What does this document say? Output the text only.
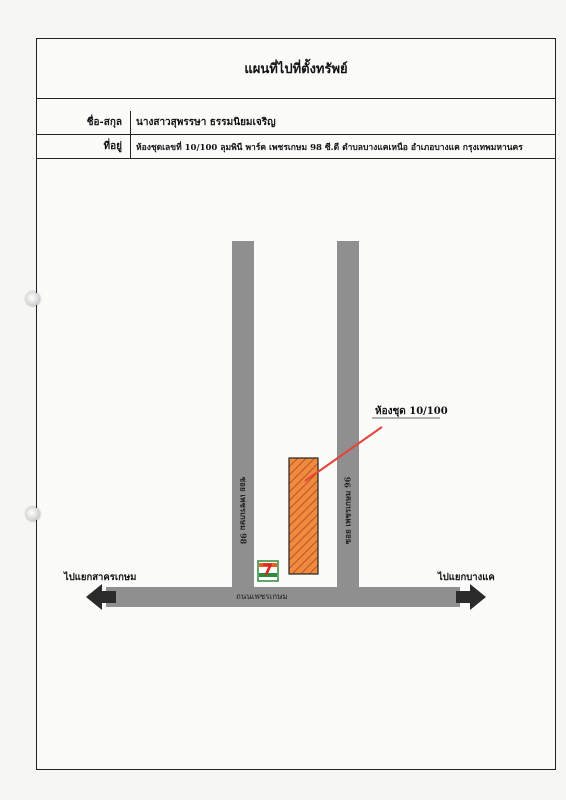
แผนที่ไปที่ตั้งทรัพย์
ชื่อ-สกุล	นางสาวสุพรรษา ธรรมนิยมเจริญ
ที่อยู่	ห้องชุดเลขที่ 10/100 ลุมพินี พาร์ค เพชรเกษม 98 ซี.ดี ตำบลบางแคเหนือ อำเภอบางแค กรุงเทพมหานคร
7
ห้องชุด 10/100
ซอย เพชรเกษม 98	ซอย เพชรเกษม 96
ถนนเพชรเกษม
ไปแยกสาครเกษม	ไปแยกบางแค
